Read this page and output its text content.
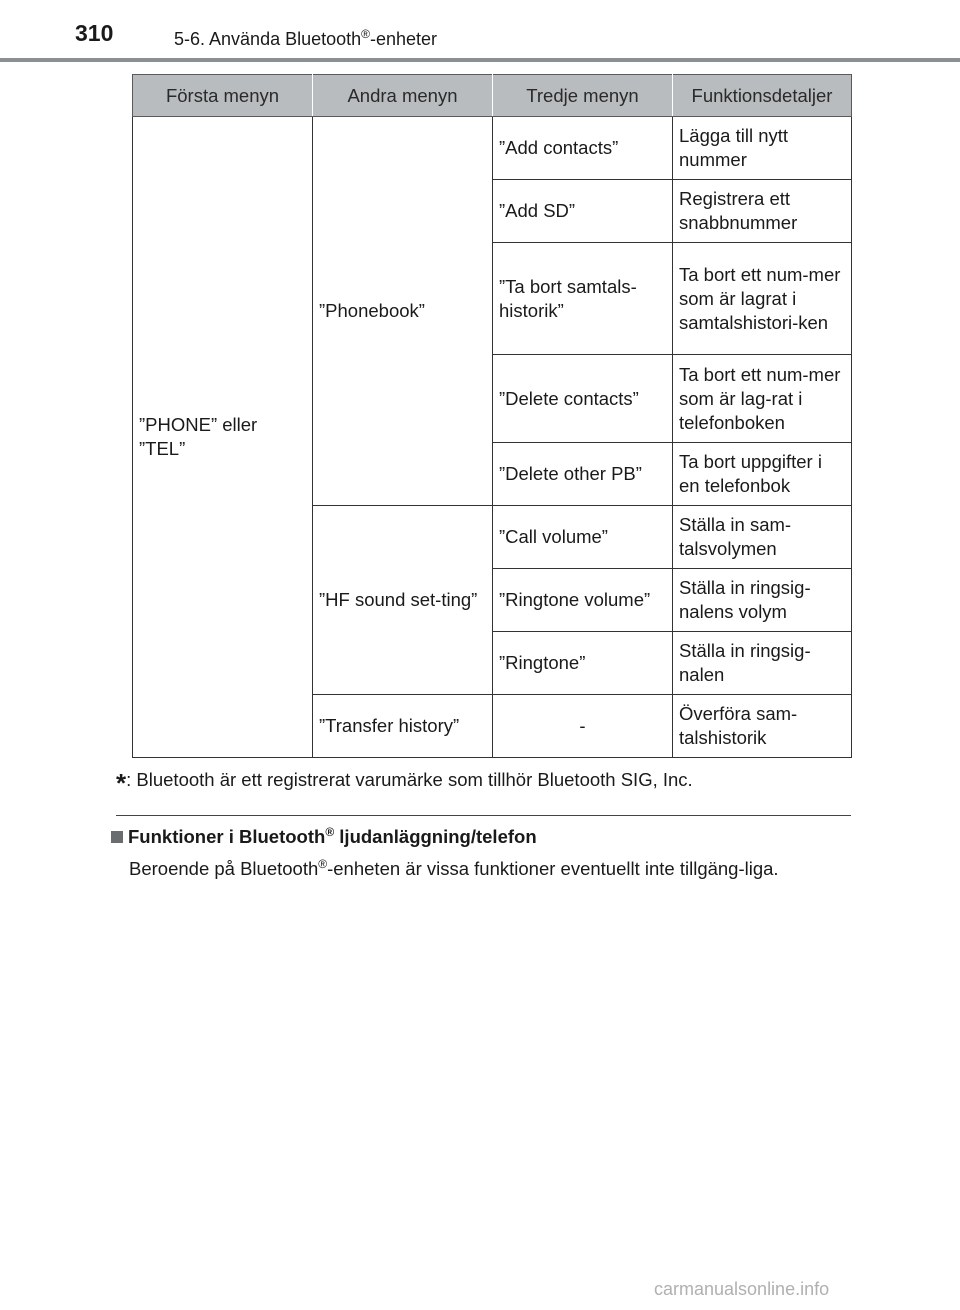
310	5-6. Använda Bluetooth®-enheter
Första menyn	Andra menyn	Tredje menyn	Funktionsdetaljer
”PHONE” eller ”TEL”	”Phonebook”	”Add contacts”	Lägga till nytt nummer
		”Add SD”	Registrera ett snabbnummer
		”Ta bort samtals-historik”	Ta bort ett num-mer som är lagrat i samtalshistori-ken
		”Delete contacts”	Ta bort ett num-mer som är lag-rat i telefonboken
		”Delete other PB”	Ta bort uppgifter i en telefonbok
	”HF sound set-ting”	”Call volume”	Ställa in sam-talsvolymen
		”Ringtone volume”	Ställa in ringsig-nalens volym
		”Ringtone”	Ställa in ringsig-nalen
	”Transfer history”	-	Överföra sam-talshistorik
*: Bluetooth är ett registrerat varumärke som tillhör Bluetooth SIG, Inc.
Funktioner i Bluetooth® ljudanläggning/telefon
Beroende på Bluetooth®-enheten är vissa funktioner eventuellt inte tillgäng-liga.
carmanualsonline.info
